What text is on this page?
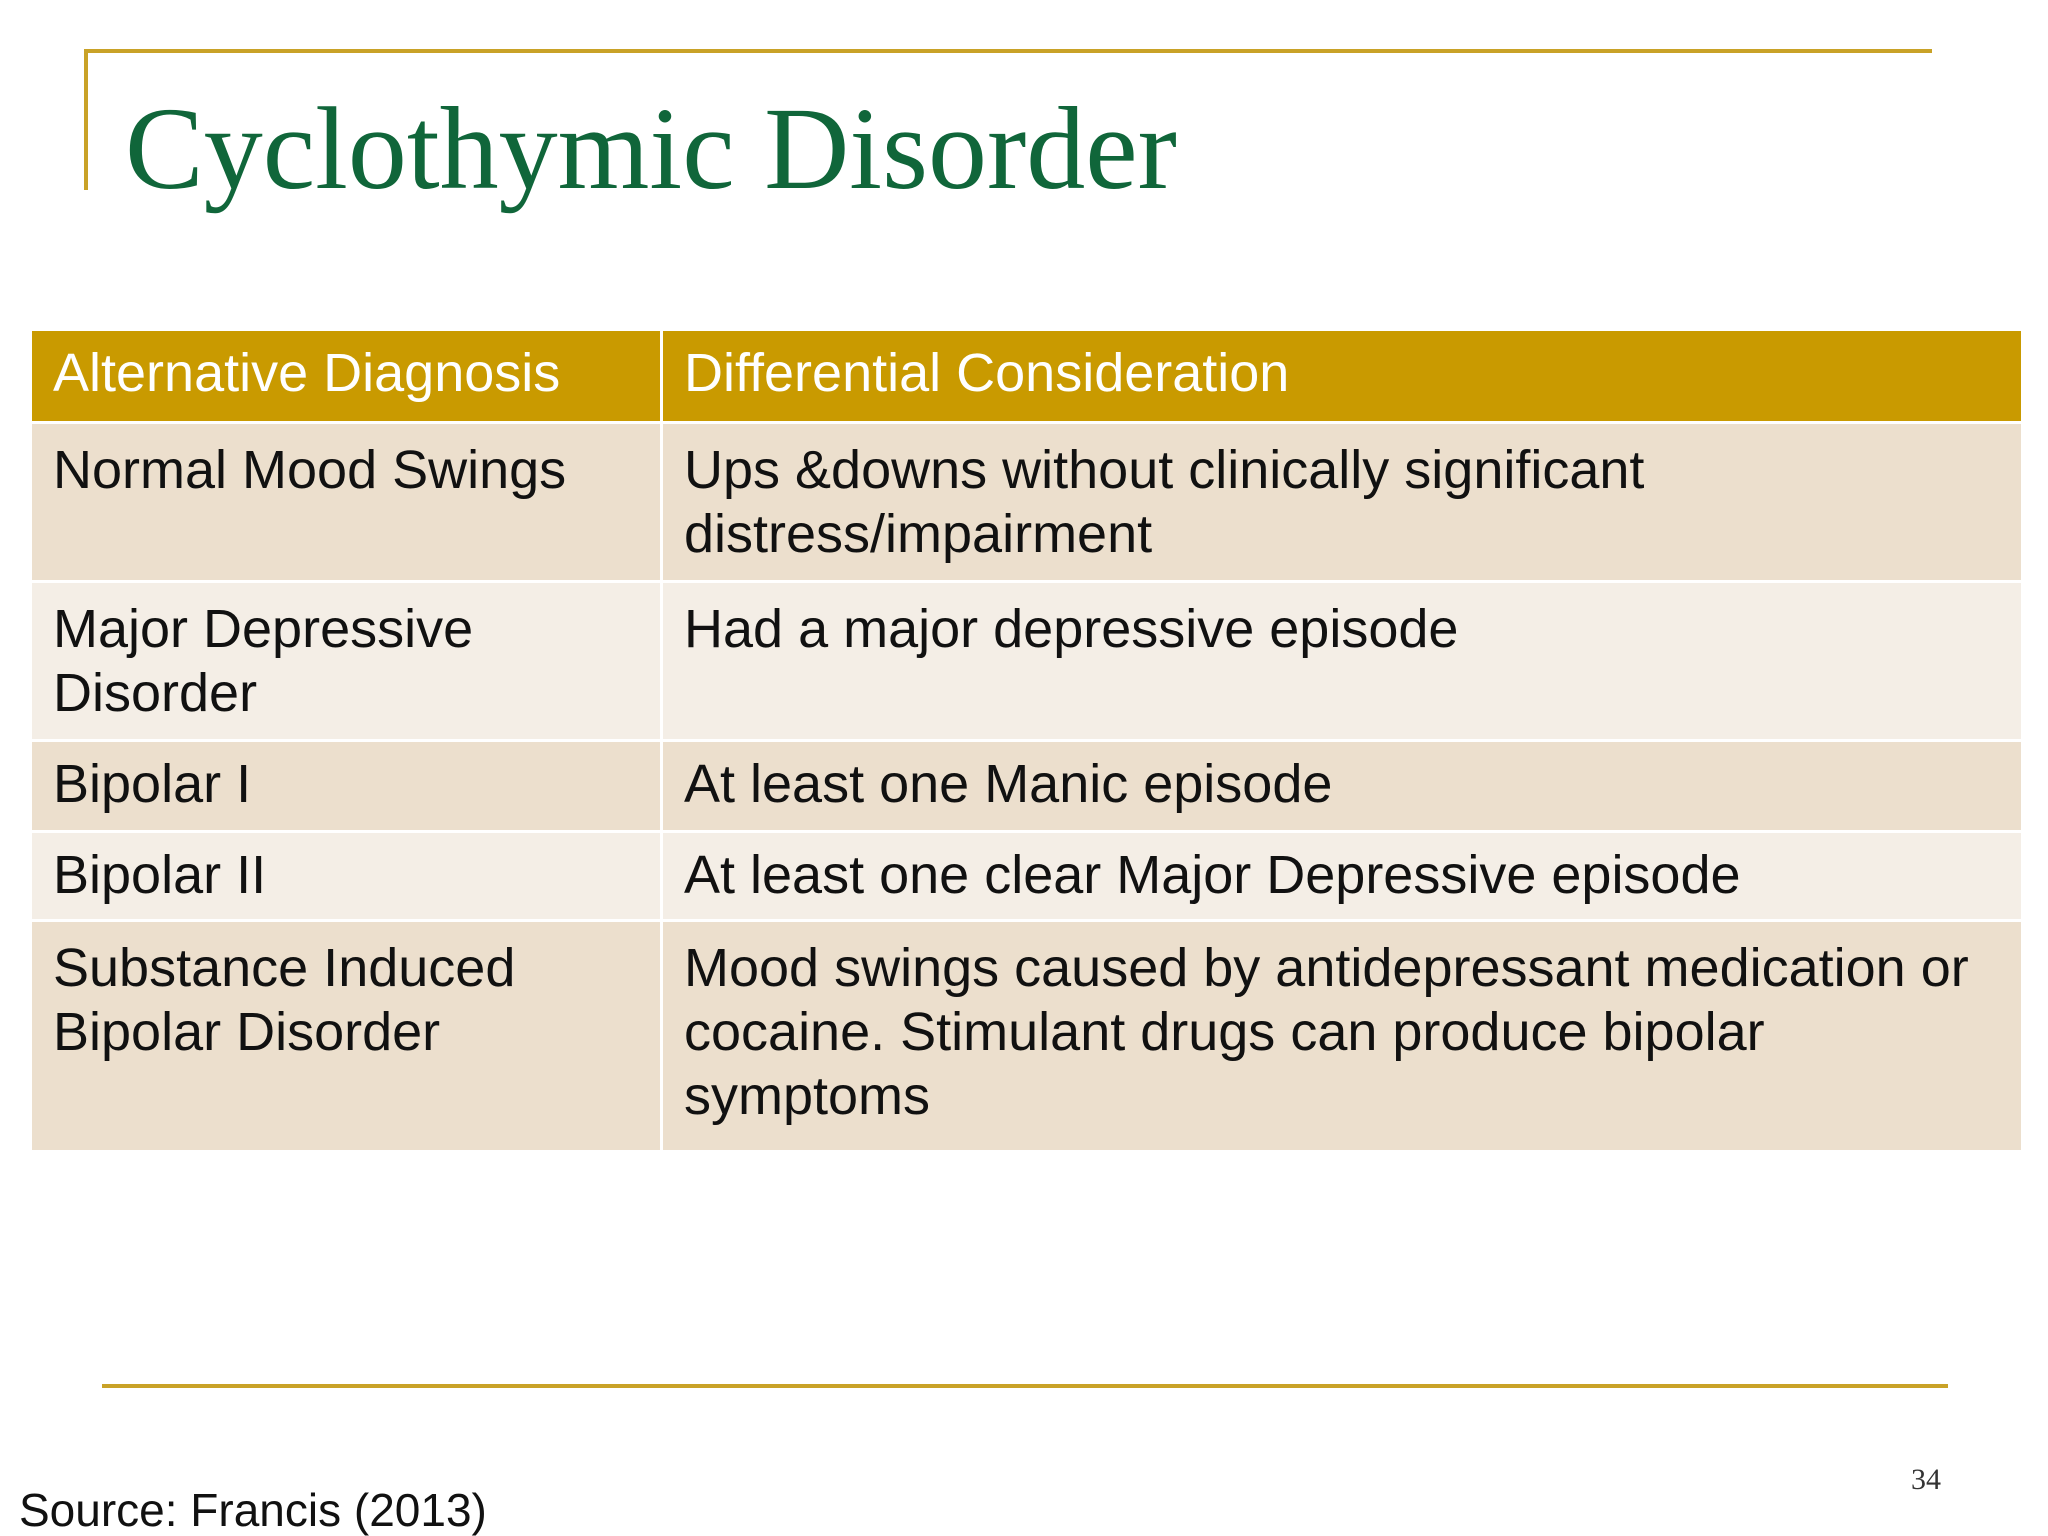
Cyclothymic Disorder
Alternative Diagnosis	Differential Consideration
Normal Mood Swings	Ups &downs without clinically significant distress/impairment
Major Depressive Disorder	Had a major depressive episode
Bipolar I	At least one Manic episode
Bipolar II	At least one clear Major Depressive episode
Substance Induced Bipolar Disorder	Mood swings caused by antidepressant medication or cocaine. Stimulant drugs can produce bipolar symptoms
34
Source: Francis (2013)
